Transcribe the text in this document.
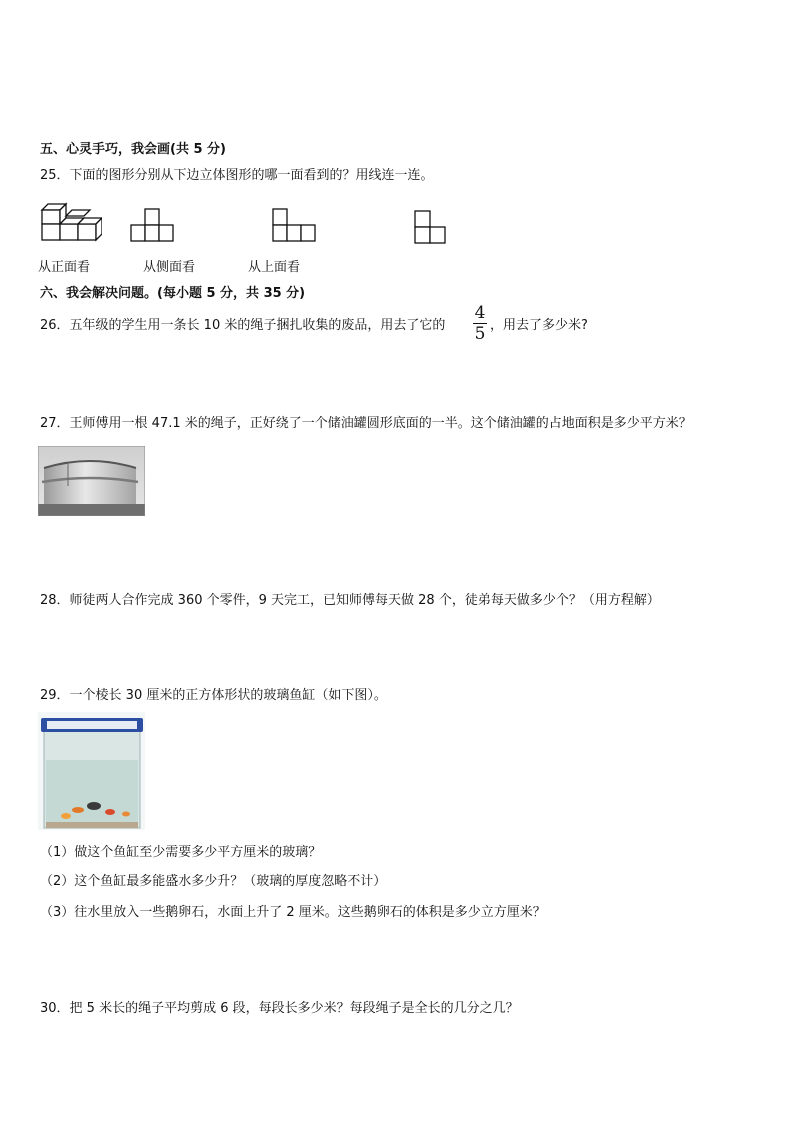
五、心灵手巧，我会画(共 5 分)
25．下面的图形分别从下边立体图形的哪一面看到的？用线连一连。
从正面看	从侧面看	从上面看
六、我会解决问题。(每小题 5 分，共 35 分)
26．五年级的学生用一条长 10 米的绳子捆扎收集的废品，用去了它的
4
5 ，用去了多少米?
27．王师傅用一根 47.1 米的绳子，正好绕了一个储油罐圆形底面的一半。这个储油罐的占地面积是多少平方米？
28．师徒两人合作完成 360 个零件，9 天完工，已知师傅每天做 28 个，徒弟每天做多少个？（用方程解）
29．一个棱长 30 厘米的正方体形状的玻璃鱼缸（如下图）。
（1）做这个鱼缸至少需要多少平方厘米的玻璃？
（2）这个鱼缸最多能盛水多少升？（玻璃的厚度忽略不计）
（3）往水里放入一些鹅卵石，水面上升了 2 厘米。这些鹅卵石的体积是多少立方厘米？
30．把 5 米长的绳子平均剪成 6 段，每段长多少米？每段绳子是全长的几分之几？
